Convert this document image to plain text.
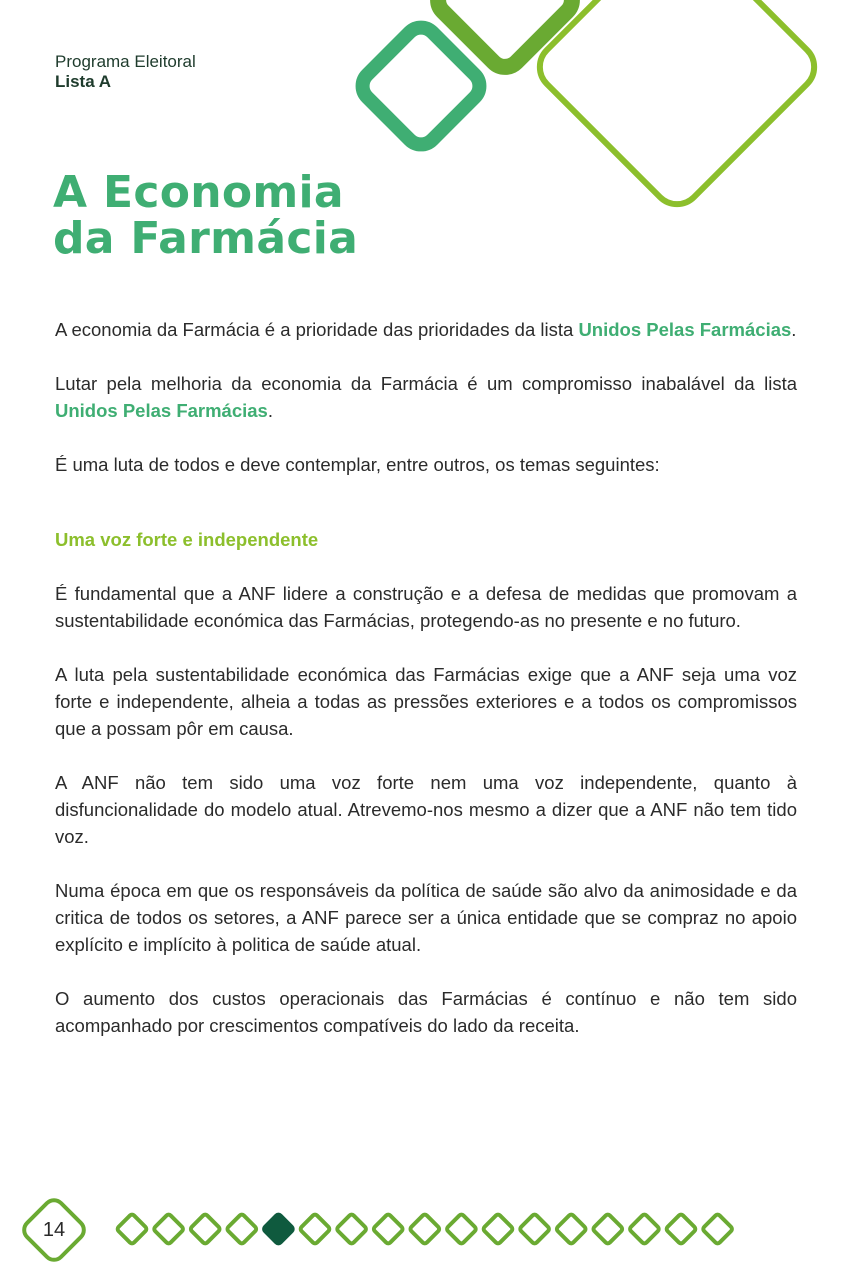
Programa Eleitoral
Lista A
A Economia
da Farmácia

A economia da Farmácia é a prioridade das prioridades da lista Unidos Pelas Farmácias.

Lutar pela melhoria da economia da Farmácia é um compromisso inabalável da lista Unidos Pelas Farmácias.

É uma luta de todos e deve contemplar, entre outros, os temas seguintes:

Uma voz forte e independente

É fundamental que a ANF lidere a construção e a defesa de medidas que promovam a sustentabilidade económica das Farmácias, protegendo-as no presente e no futuro.

A luta pela sustentabilidade económica das Farmácias exige que a ANF seja uma voz forte e independente, alheia a todas as pressões exteriores e a todos os compromissos que a possam pôr em causa.

A ANF não tem sido uma voz forte nem uma voz independente, quanto à disfuncionalidade do modelo atual. Atrevemo-nos mesmo a dizer que a ANF não tem tido voz.

Numa época em que os responsáveis da política de saúde são alvo da animosidade e da critica de todos os setores, a ANF parece ser a única entidade que se compraz no apoio explícito e implícito à politica de saúde atual.

O aumento dos custos operacionais das Farmácias é contínuo e não tem sido acompanhado por crescimentos compatíveis do lado da receita.

14
